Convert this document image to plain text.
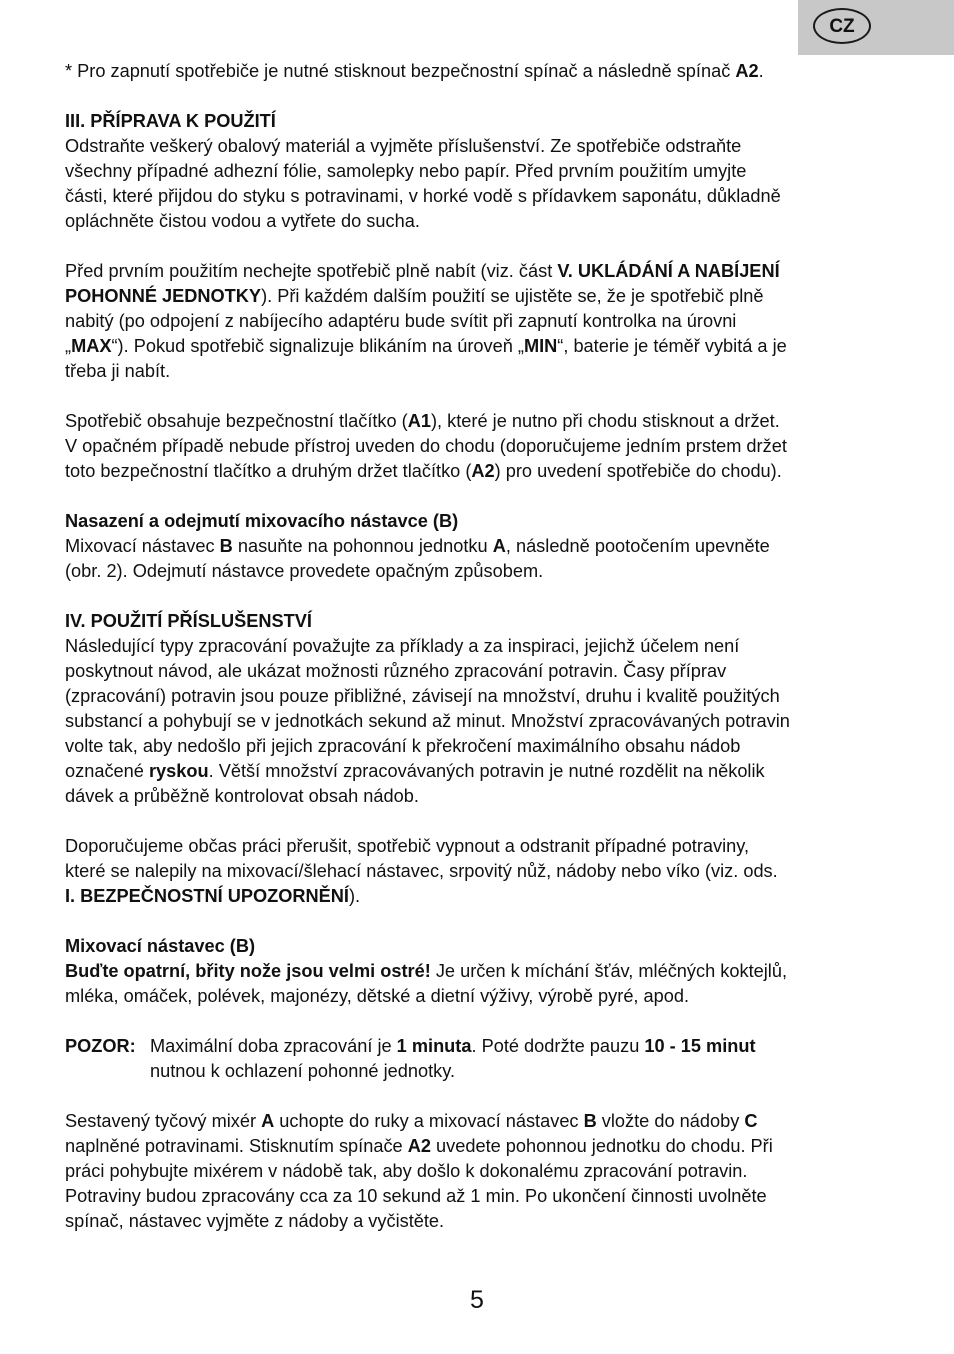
CZ

* Pro zapnutí spotřebiče je nutné stisknout bezpečnostní spínač a následně spínač A2.

III. PŘÍPRAVA K POUŽITÍ

Odstraňte veškerý obalový materiál a vyjměte příslušenství. Ze spotřebiče odstraňte
všechny případné adhezní fólie, samolepky nebo papír. Před prvním použitím umyjte
části, které přijdou do styku s potravinami, v horké vodě s přídavkem saponátu, důkladně
opláchněte čistou vodou a vytřete do sucha.

Před prvním použitím nechejte spotřebič plně nabít (viz. část V. UKLÁDÁNÍ A NABÍJENÍ
POHONNÉ JEDNOTKY). Při každém dalším použití se ujistěte se, že je spotřebič plně
nabitý (po odpojení z nabíjecího adaptéru bude svítit při zapnutí kontrolka na úrovni
„MAX“). Pokud spotřebič signalizuje blikáním na úroveň „MIN“, baterie je téměř vybitá a je
třeba ji nabít.

Spotřebič obsahuje bezpečnostní tlačítko (A1), které je nutno při chodu stisknout a držet.
V opačném případě nebude přístroj uveden do chodu (doporučujeme jedním prstem držet
toto bezpečnostní tlačítko a druhým držet tlačítko (A2) pro uvedení spotřebiče do chodu).

Nasazení a odejmutí mixovacího nástavce (B)

Mixovací nástavec B nasuňte na pohonnou jednotku A, následně pootočením upevněte
(obr. 2). Odejmutí nástavce provedete opačným způsobem.

IV. POUŽITÍ PŘÍSLUŠENSTVÍ

Následující typy zpracování považujte za příklady a za inspiraci, jejichž účelem není
poskytnout návod, ale ukázat možnosti různého zpracování potravin. Časy příprav
(zpracování) potravin jsou pouze přibližné, závisejí na množství, druhu i kvalitě použitých
substancí a pohybují se v jednotkách sekund až minut. Množství zpracovávaných potravin
volte tak, aby nedošlo při jejich zpracování k překročení maximálního obsahu nádob
označené ryskou. Větší množství zpracovávaných potravin je nutné rozdělit na několik
dávek a průběžně kontrolovat obsah nádob.

Doporučujeme občas práci přerušit, spotřebič vypnout a odstranit případné potraviny,
které se nalepily na mixovací/šlehací nástavec, srpovitý nůž, nádoby nebo víko (viz. ods.
I. BEZPEČNOSTNÍ UPOZORNĚNÍ).

Mixovací nástavec (B)

Buďte opatrní, břity nože jsou velmi ostré! Je určen k míchání šťáv, mléčných koktejlů,
mléka, omáček, polévek, majonézy, dětské a dietní výživy, výrobě pyré, apod.

POZOR: Maximální doba zpracování je 1 minuta. Poté dodržte pauzu 10 - 15 minut
nutnou k ochlazení pohonné jednotky.

Sestavený tyčový mixér A uchopte do ruky a mixovací nástavec B vložte do nádoby C
naplněné potravinami. Stisknutím spínače A2 uvedete pohonnou jednotku do chodu. Při
práci pohybujte mixérem v nádobě tak, aby došlo k dokonalému zpracování potravin.
Potraviny budou zpracovány cca za 10 sekund až 1 min. Po ukončení činnosti uvolněte
spínač, nástavec vyjměte z nádoby a vyčistěte.

5
